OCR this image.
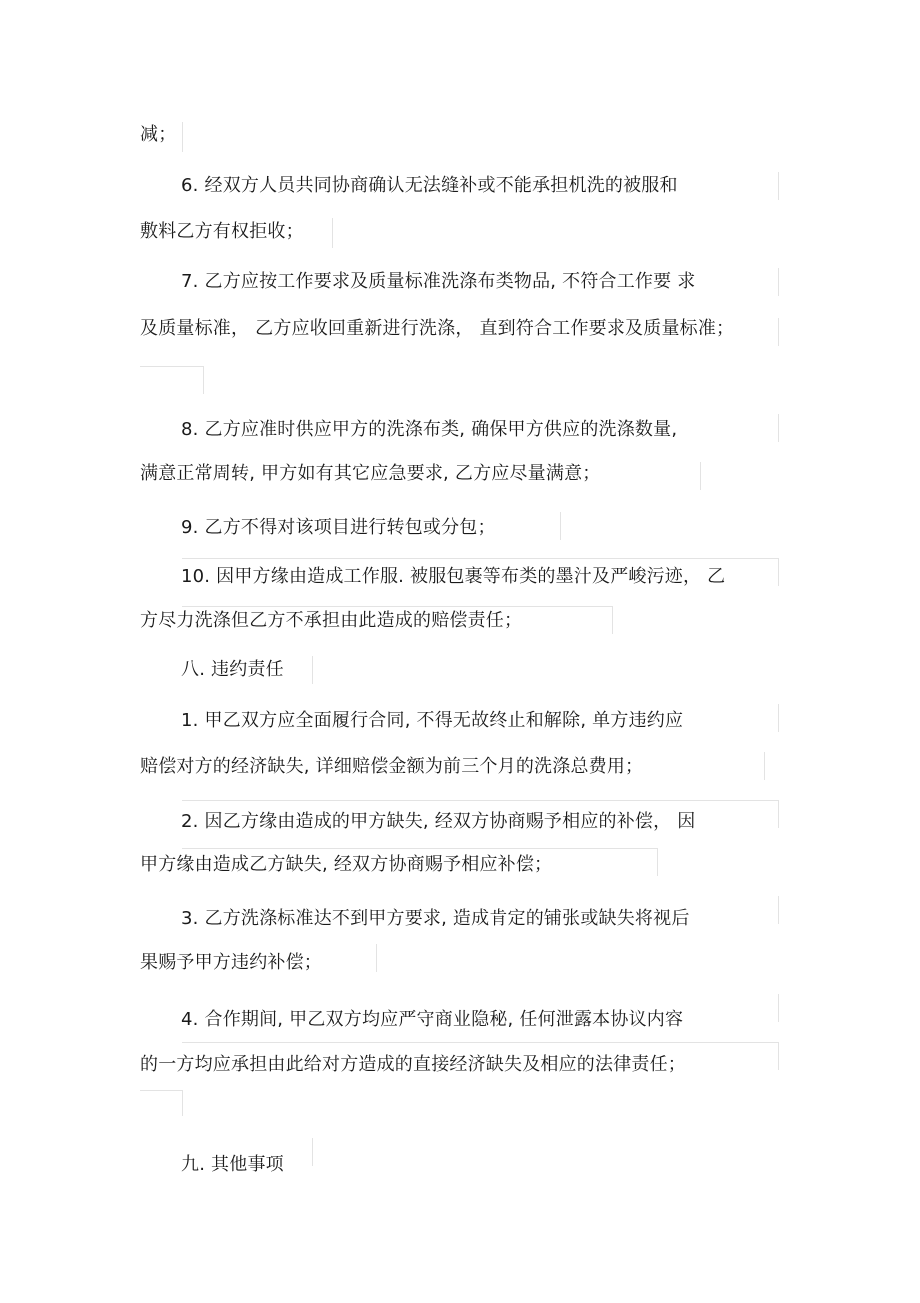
减；
6. 经双方人员共同协商确认无法缝补或不能承担机洗的被服和
敷料乙方有权拒收；
7. 乙方应按工作要求及质量标准洗涤布类物品, 不符合工作要 求
及质量标准， 乙方应收回重新进行洗涤， 直到符合工作要求及质量标准；
8. 乙方应准时供应甲方的洗涤布类, 确保甲方供应的洗涤数量,
满意正常周转, 甲方如有其它应急要求, 乙方应尽量满意；
9. 乙方不得对该项目进行转包或分包；
10. 因甲方缘由造成工作服. 被服包裹等布类的墨汁及严峻污迹， 乙
方尽力洗涤但乙方不承担由此造成的赔偿责任；
八. 违约责任
1. 甲乙双方应全面履行合同, 不得无故终止和解除, 单方违约应
赔偿对方的经济缺失, 详细赔偿金额为前三个月的洗涤总费用；
2. 因乙方缘由造成的甲方缺失, 经双方协商赐予相应的补偿， 因
甲方缘由造成乙方缺失, 经双方协商赐予相应补偿；
3. 乙方洗涤标准达不到甲方要求, 造成肯定的铺张或缺失将视后
果赐予甲方违约补偿；
4. 合作期间, 甲乙双方均应严守商业隐秘, 任何泄露本协议内容
的一方均应承担由此给对方造成的直接经济缺失及相应的法律责任；
九. 其他事项
